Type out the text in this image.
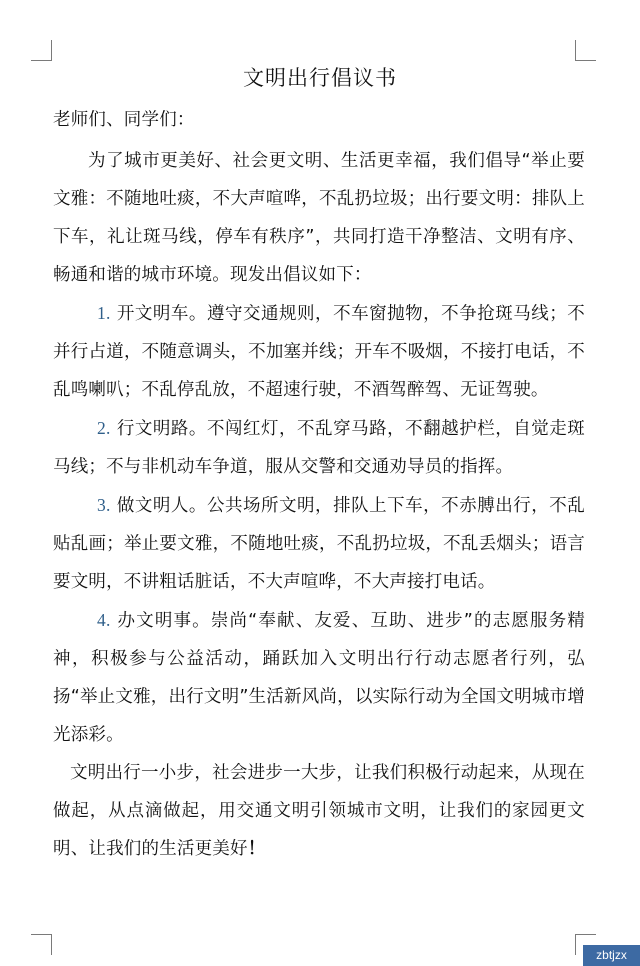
文明出行倡议书
老师们、同学们：

为了城市更美好、社会更文明、生活更幸福，我们倡导“举止要文雅：不随地吐痰，不大声喧哗，不乱扔垃圾；出行要文明：排队上下车，礼让斑马线，停车有秩序”，共同打造干净整洁、文明有序、畅通和谐的城市环境。现发出倡议如下：

1. 开文明车。遵守交通规则，不车窗抛物，不争抢斑马线；不并行占道，不随意调头，不加塞并线；开车不吸烟，不接打电话，不乱鸣喇叭；不乱停乱放，不超速行驶，不酒驾醉驾、无证驾驶。

2. 行文明路。不闯红灯，不乱穿马路，不翻越护栏，自觉走斑马线；不与非机动车争道，服从交警和交通劝导员的指挥。

3. 做文明人。公共场所文明，排队上下车，不赤膊出行，不乱贴乱画；举止要文雅，不随地吐痰，不乱扔垃圾，不乱丢烟头；语言要文明，不讲粗话脏话，不大声喧哗，不大声接打电话。

4. 办文明事。崇尚“奉献、友爱、互助、进步”的志愿服务精神，积极参与公益活动，踊跃加入文明出行行动志愿者行列，弘扬“举止文雅，出行文明”生活新风尚，以实际行动为全国文明城市增光添彩。

文明出行一小步，社会进步一大步，让我们积极行动起来，从现在做起，从点滴做起，用交通文明引领城市文明，让我们的家园更文明、让我们的生活更美好！

zbtjzx
